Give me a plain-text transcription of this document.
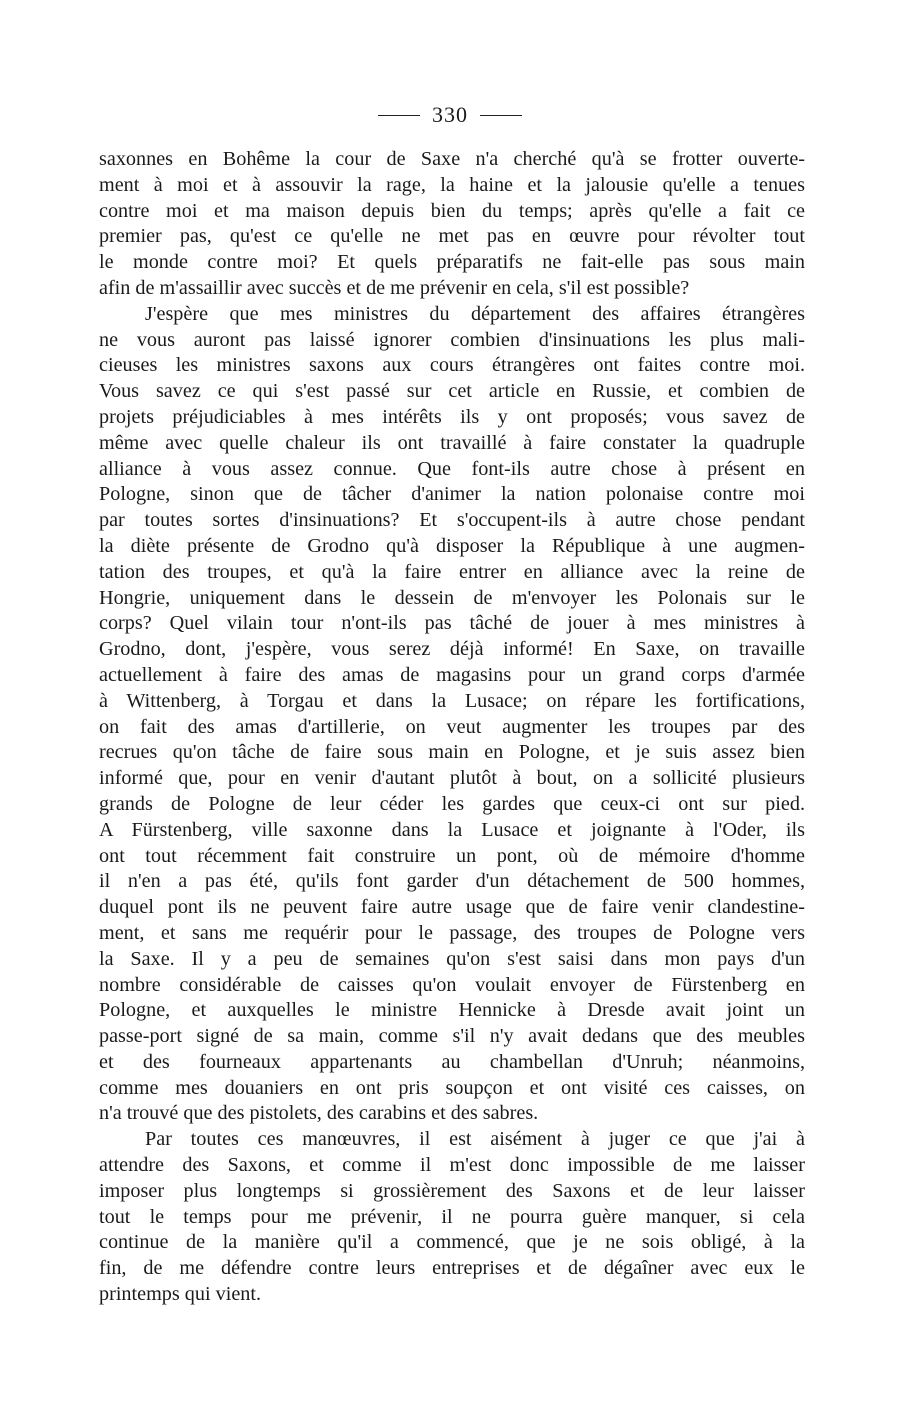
330
saxonnes en Bohême la cour de Saxe n'a cherché qu'à se frotter ouverte-
ment à moi et à assouvir la rage, la haine et la jalousie qu'elle a tenues
contre moi et ma maison depuis bien du temps; après qu'elle a fait ce
premier pas, qu'est ce qu'elle ne met pas en œuvre pour révolter tout
le monde contre moi? Et quels préparatifs ne fait-elle pas sous main
afin de m'assaillir avec succès et de me prévenir en cela, s'il est possible?
J'espère que mes ministres du département des affaires étrangères
ne vous auront pas laissé ignorer combien d'insinuations les plus mali-
cieuses les ministres saxons aux cours étrangères ont faites contre moi.
Vous savez ce qui s'est passé sur cet article en Russie, et combien de
projets préjudiciables à mes intérêts ils y ont proposés; vous savez de
même avec quelle chaleur ils ont travaillé à faire constater la quadruple
alliance à vous assez connue. Que font-ils autre chose à présent en
Pologne, sinon que de tâcher d'animer la nation polonaise contre moi
par toutes sortes d'insinuations? Et s'occupent-ils à autre chose pendant
la diète présente de Grodno qu'à disposer la République à une augmen-
tation des troupes, et qu'à la faire entrer en alliance avec la reine de
Hongrie, uniquement dans le dessein de m'envoyer les Polonais sur le
corps? Quel vilain tour n'ont-ils pas tâché de jouer à mes ministres à
Grodno, dont, j'espère, vous serez déjà informé! En Saxe, on travaille
actuellement à faire des amas de magasins pour un grand corps d'armée
à Wittenberg, à Torgau et dans la Lusace; on répare les fortifications,
on fait des amas d'artillerie, on veut augmenter les troupes par des
recrues qu'on tâche de faire sous main en Pologne, et je suis assez bien
informé que, pour en venir d'autant plutôt à bout, on a sollicité plusieurs
grands de Pologne de leur céder les gardes que ceux-ci ont sur pied.
A Fürstenberg, ville saxonne dans la Lusace et joignante à l'Oder, ils
ont tout récemment fait construire un pont, où de mémoire d'homme
il n'en a pas été, qu'ils font garder d'un détachement de 500 hommes,
duquel pont ils ne peuvent faire autre usage que de faire venir clandestine-
ment, et sans me requérir pour le passage, des troupes de Pologne vers
la Saxe. Il y a peu de semaines qu'on s'est saisi dans mon pays d'un
nombre considérable de caisses qu'on voulait envoyer de Fürstenberg en
Pologne, et auxquelles le ministre Hennicke à Dresde avait joint un
passe-port signé de sa main, comme s'il n'y avait dedans que des meubles
et des fourneaux appartenants au chambellan d'Unruh; néanmoins,
comme mes douaniers en ont pris soupçon et ont visité ces caisses, on
n'a trouvé que des pistolets, des carabins et des sabres.
Par toutes ces manœuvres, il est aisément à juger ce que j'ai à
attendre des Saxons, et comme il m'est donc impossible de me laisser
imposer plus longtemps si grossièrement des Saxons et de leur laisser
tout le temps pour me prévenir, il ne pourra guère manquer, si cela
continue de la manière qu'il a commencé, que je ne sois obligé, à la
fin, de me défendre contre leurs entreprises et de dégaîner avec eux le
printemps qui vient.
